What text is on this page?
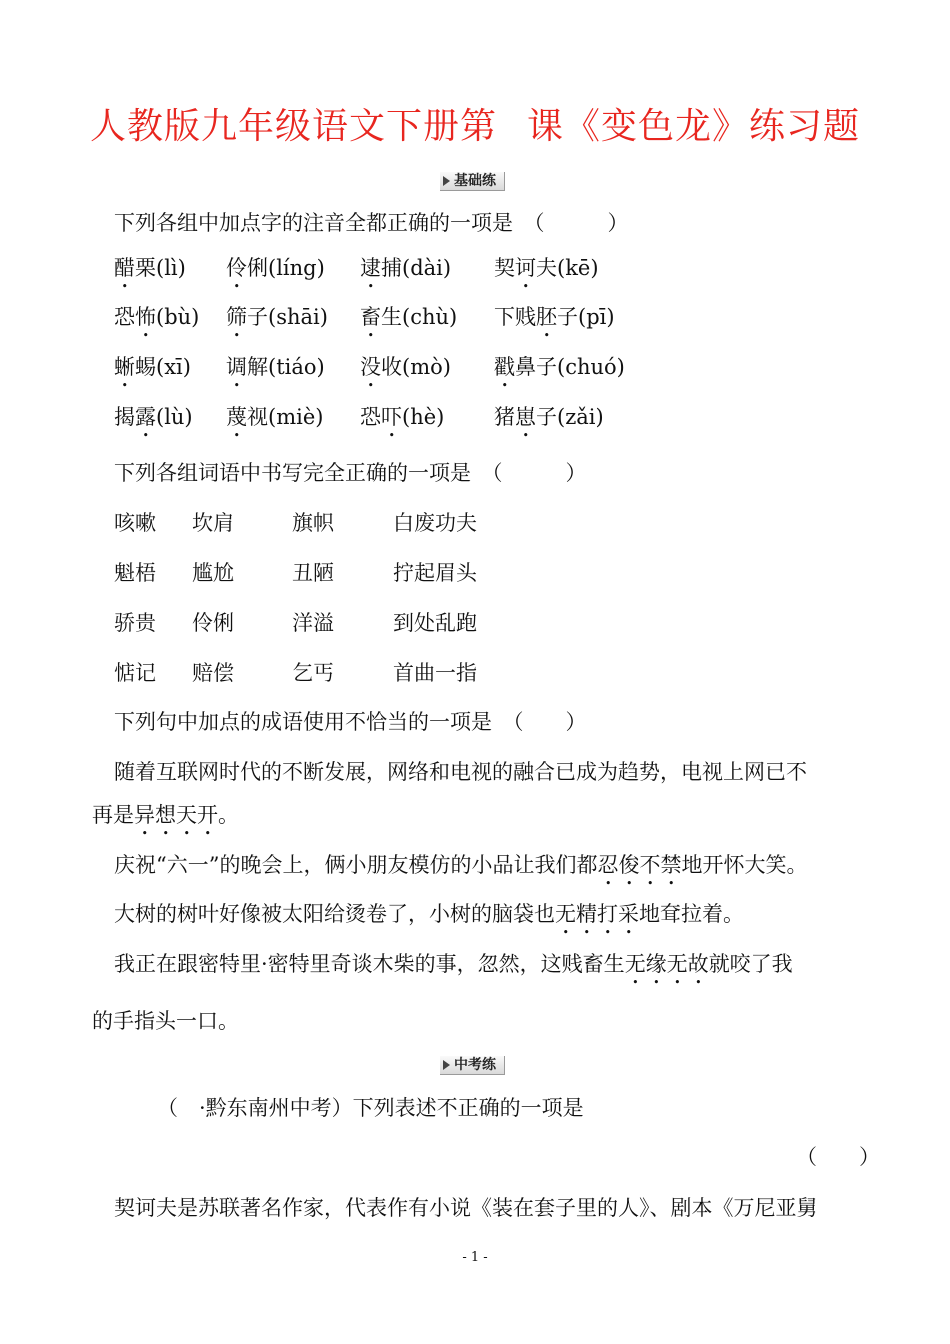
人教版九年级语文下册第 课《变色龙》练习题
基础练
下列各组中加点字的注音全都正确的一项是　（　　　）
醋栗(lì) 伶俐(líng) 逮捕(dài) 契诃夫(kē)
恐怖(bù) 筛子(shāi) 畜生(chù) 下贱胚子(pī)
蜥蜴(xī) 调解(tiáo) 没收(mò) 戳鼻子(chuó)
揭露(lù) 蔑视(miè) 恐吓(hè) 猪崽子(zǎi)
下列各组词语中书写完全正确的一项是　（　　　）
咳嗽 坎肩	旗帜	白废功夫
魁梧 尴尬	丑陋	拧起眉头
骄贵 伶俐	洋溢	到处乱跑
惦记 赔偿	乞丐	首曲一指
下列句中加点的成语使用不恰当的一项是　（　　）
随着互联网时代的不断发展，网络和电视的融合已成为趋势，电视上网已不
再是异想天开。
庆祝“六一”的晚会上，俩小朋友模仿的小品让我们都忍俊不禁地开怀大笑。
大树的树叶好像被太阳给烫卷了，小树的脑袋也无精打采地耷拉着。
我正在跟密特里·密特里奇谈木柴的事，忽然，这贱畜生无缘无故就咬了我
的手指头一口。
中考练
（　·黔东南州中考）下列表述不正确的一项是
（　　）
契诃夫是苏联著名作家，代表作有小说《装在套子里的人》、剧本《万尼亚舅
- 1 -
